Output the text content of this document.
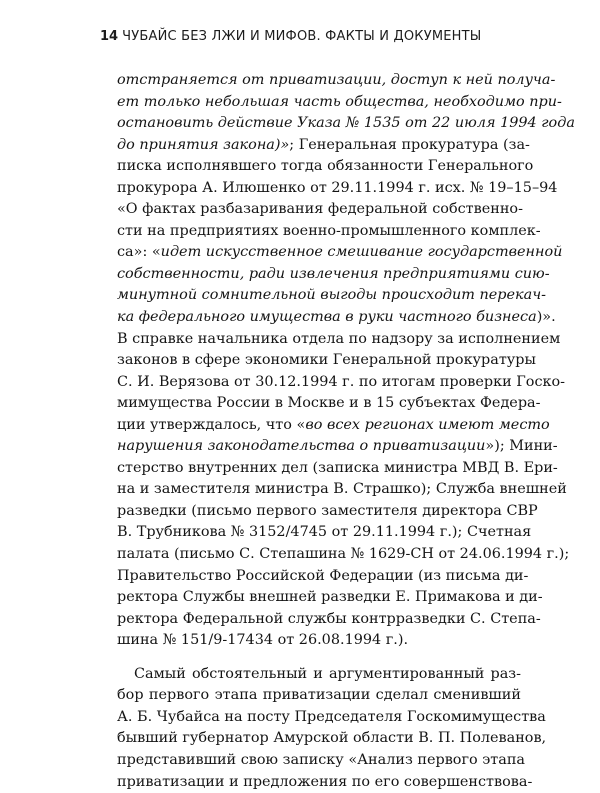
14 ЧУБАЙС БЕЗ ЛЖИ И МИФОВ. ФАКТЫ И ДОКУМЕНТЫ
отстраняется от приватизации, доступ к ней получа-
ет только небольшая часть общества, необходимо при-
остановить действие Указа № 1535 от 22 июля 1994 года
до принятия закона)»; Генеральная прокуратура (за-
писка исполнявшего тогда обязанности Генерального
прокурора А. Илюшенко от 29.11.1994 г. исх. № 19–15–94
«О фактах разбазаривания федеральной собственно-
сти на предприятиях военно-промышленного комплек-
са»: «идет искусственное смешивание государственной
собственности, ради извлечения предприятиями сию-
минутной сомнительной выгоды происходит перекач-
ка федерального имущества в руки частного бизнеса)».
В справке начальника отдела по надзору за исполнением
законов в сфере экономики Генеральной прокуратуры
С. И. Верязова от 30.12.1994 г. по итогам проверки Госко-
мимущества России в Москве и в 15 субъектах Федера-
ции утверждалось, что «во всех регионах имеют место
нарушения законодательства о приватизации»); Мини-
стерство внутренних дел (записка министра МВД В. Ери-
на и заместителя министра В. Страшко); Служба внешней
разведки (письмо первого заместителя директора СВР
В. Трубникова № 3152/4745 от 29.11.1994 г.); Счетная
палата (письмо С. Степашина № 1629-СН от 24.06.1994 г.);
Правительство Российской Федерации (из письма ди-
ректора Службы внешней разведки Е. Примакова и ди-
ректора Федеральной службы контрразведки С. Степа-
шина № 151/9-17434 от 26.08.1994 г.).
Самый обстоятельный и аргументированный раз-
бор первого этапа приватизации сделал сменивший
А. Б. Чубайса на посту Председателя Госкомимущества
бывший губернатор Амурской области В. П. Полеванов,
представивший свою записку «Анализ первого этапа
приватизации и предложения по его совершенствова-
